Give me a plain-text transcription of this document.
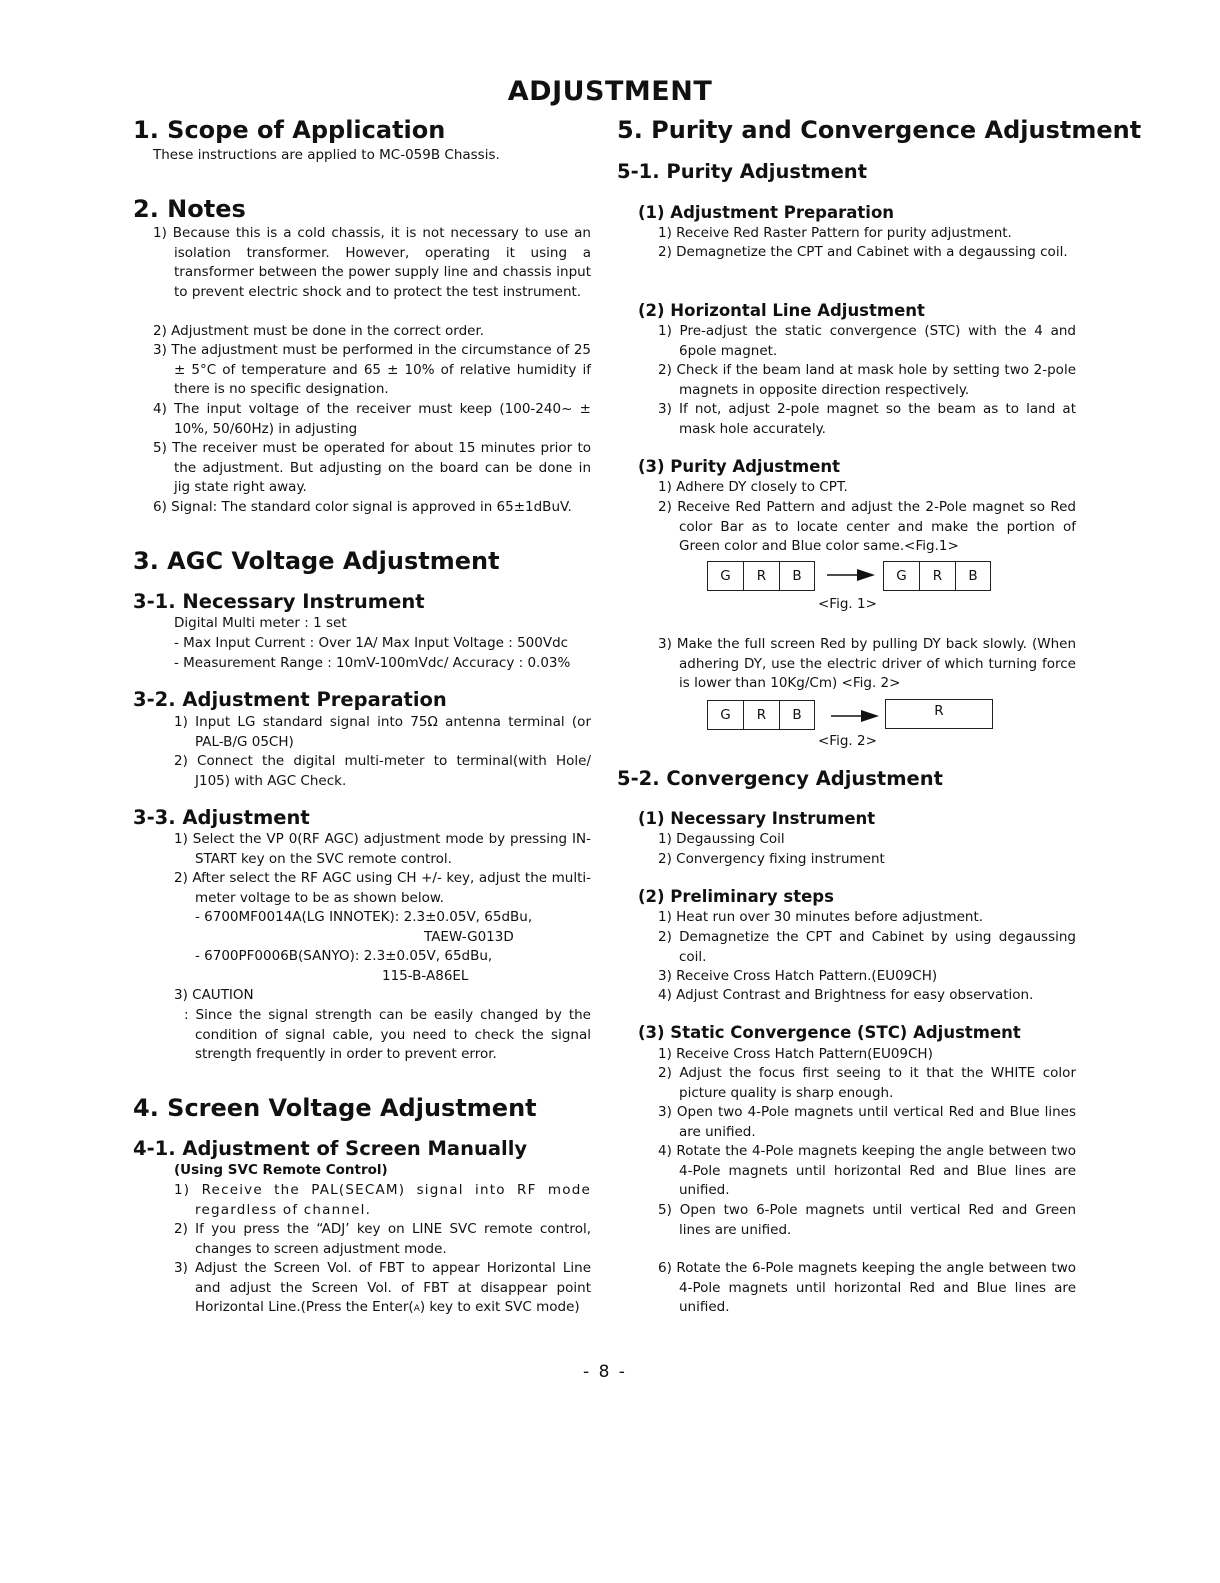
ADJUSTMENT
1. Scope of Application
These instructions are applied to MC-059B Chassis.
2. Notes
1) Because this is a cold chassis, it is not necessary to use an isolation transformer. However, operating it using a transformer between the power supply line and chassis input to prevent electric shock and to protect the test instrument.
2) Adjustment must be done in the correct order.
3) The adjustment must be performed in the circumstance of 25 ± 5°C of temperature and 65 ± 10% of relative humidity if there is no specific designation.
4) The input voltage of the receiver must keep (100-240~ ± 10%, 50/60Hz) in adjusting
5) The receiver must be operated for about 15 minutes prior to the adjustment. But adjusting on the board can be done in jig state right away.
6) Signal: The standard color signal is approved in 65±1dBuV.
3. AGC Voltage Adjustment
3-1. Necessary Instrument
Digital Multi meter : 1 set
- Max Input Current : Over 1A/ Max Input Voltage : 500Vdc
- Measurement Range : 10mV-100mVdc/ Accuracy : 0.03%
3-2. Adjustment Preparation
1) Input LG standard signal into 75Ω antenna terminal (or PAL-B/G 05CH)
2) Connect the digital multi-meter to terminal(with Hole/ J105) with AGC Check.
3-3. Adjustment
1) Select the VP 0(RF AGC) adjustment mode by pressing IN-START key on the SVC remote control.
2) After select the RF AGC using CH +/- key, adjust the multi-meter voltage to be as shown below.
- 6700MF0014A(LG INNOTEK): 2.3±0.05V, 65dBu,
TAEW-G013D
- 6700PF0006B(SANYO): 2.3±0.05V, 65dBu,
115-B-A86EL
3) CAUTION
: Since the signal strength can be easily changed by the condition of signal cable, you need to check the signal strength frequently in order to prevent error.
4. Screen Voltage Adjustment
4-1. Adjustment of Screen Manually
(Using SVC Remote Control)
1) Receive the PAL(SECAM) signal into RF mode regardless of channel.
2) If you press the “ADJ’ key on LINE SVC remote control, changes to screen adjustment mode.
3) Adjust the Screen Vol. of FBT to appear Horizontal Line and adjust the Screen Vol. of FBT at disappear point Horizontal Line.(Press the Enter(A) key to exit SVC mode)
5. Purity and Convergence Adjustment
5-1. Purity Adjustment
(1) Adjustment Preparation
1) Receive Red Raster Pattern for purity adjustment.
2) Demagnetize the CPT and Cabinet with a degaussing coil.
(2) Horizontal Line Adjustment
1) Pre-adjust the static convergence (STC) with the 4 and 6pole magnet.
2) Check if the beam land at mask hole by setting two 2-pole magnets in opposite direction respectively.
3) If not, adjust 2-pole magnet so the beam as to land at mask hole accurately.
(3) Purity Adjustment
1) Adhere DY closely to CPT.
2) Receive Red Pattern and adjust the 2-Pole magnet so Red color Bar as to locate center and make the portion of Green color and Blue color same.<Fig.1>
G	R	B	G	R	B
<Fig. 1>
3) Make the full screen Red by pulling DY back slowly. (When adhering DY, use the electric driver of which turning force is lower than 10Kg/Cm) <Fig. 2>
G	R	B	R
<Fig. 2>
5-2. Convergency Adjustment
(1) Necessary Instrument
1) Degaussing Coil
2) Convergency fixing instrument
(2) Preliminary steps
1) Heat run over 30 minutes before adjustment.
2) Demagnetize the CPT and Cabinet by using degaussing coil.
3) Receive Cross Hatch Pattern.(EU09CH)
4) Adjust Contrast and Brightness for easy observation.
(3) Static Convergence (STC) Adjustment
1) Receive Cross Hatch Pattern(EU09CH)
2) Adjust the focus first seeing to it that the WHITE color picture quality is sharp enough.
3) Open two 4-Pole magnets until vertical Red and Blue lines are unified.
4) Rotate the 4-Pole magnets keeping the angle between two 4-Pole magnets until horizontal Red and Blue lines are unified.
5) Open two 6-Pole magnets until vertical Red and Green lines are unified.
6) Rotate the 6-Pole magnets keeping the angle between two 4-Pole magnets until horizontal Red and Blue lines are unified.
- 8 -
